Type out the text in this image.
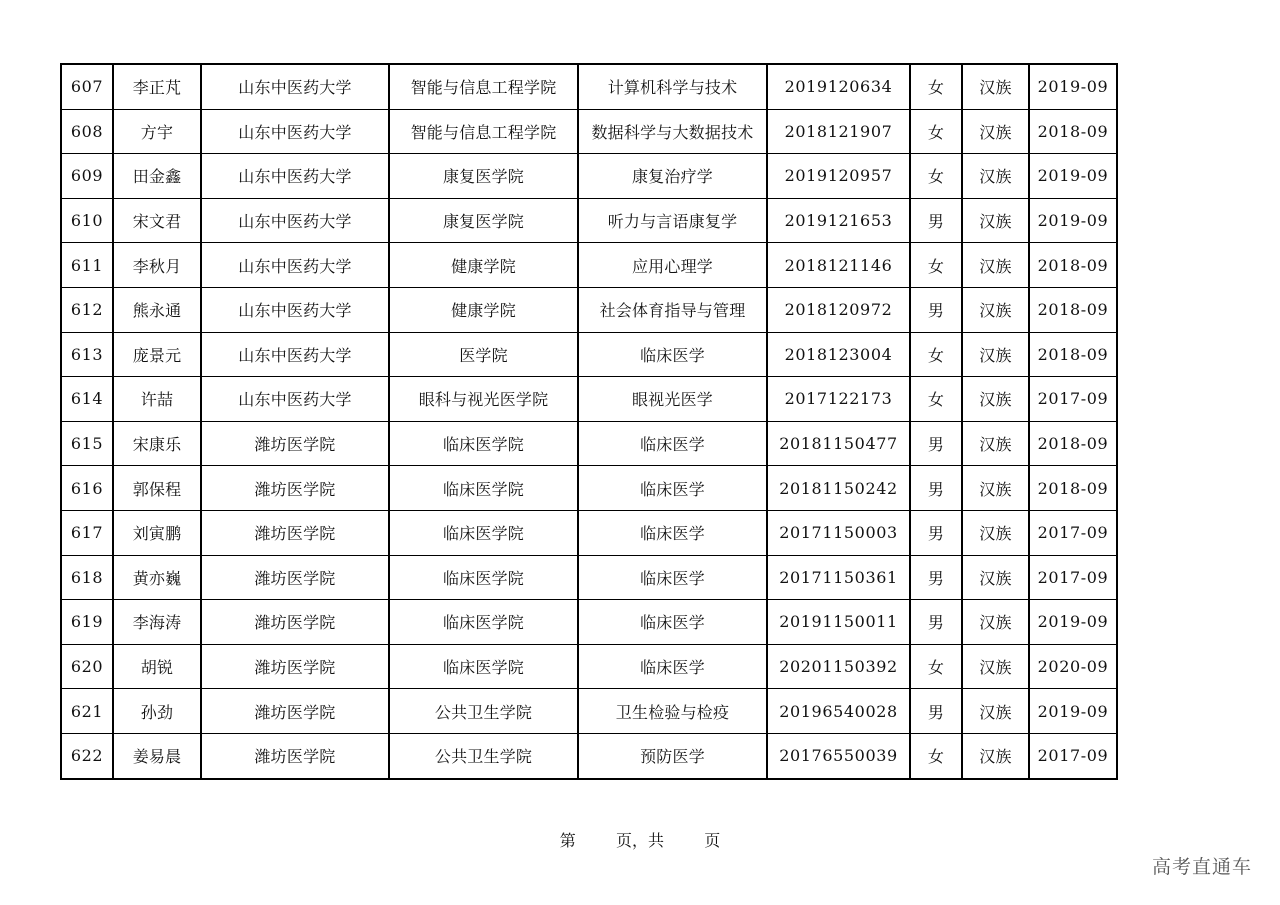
607	李正芃	山东中医药大学	智能与信息工程学院	计算机科学与技术	2019120634	女	汉族	2019-09
608	方宇	山东中医药大学	智能与信息工程学院	数据科学与大数据技术	2018121907	女	汉族	2018-09
609	田金鑫	山东中医药大学	康复医学院	康复治疗学	2019120957	女	汉族	2019-09
610	宋文君	山东中医药大学	康复医学院	听力与言语康复学	2019121653	男	汉族	2019-09
611	李秋月	山东中医药大学	健康学院	应用心理学	2018121146	女	汉族	2018-09
612	熊永通	山东中医药大学	健康学院	社会体育指导与管理	2018120972	男	汉族	2018-09
613	庞景元	山东中医药大学	医学院	临床医学	2018123004	女	汉族	2018-09
614	许喆	山东中医药大学	眼科与视光医学院	眼视光医学	2017122173	女	汉族	2017-09
615	宋康乐	潍坊医学院	临床医学院	临床医学	20181150477	男	汉族	2018-09
616	郭保程	潍坊医学院	临床医学院	临床医学	20181150242	男	汉族	2018-09
617	刘寅鹏	潍坊医学院	临床医学院	临床医学	20171150003	男	汉族	2017-09
618	黄亦巍	潍坊医学院	临床医学院	临床医学	20171150361	男	汉族	2017-09
619	李海涛	潍坊医学院	临床医学院	临床医学	20191150011	男	汉族	2019-09
620	胡锐	潍坊医学院	临床医学院	临床医学	20201150392	女	汉族	2020-09
621	孙劲	潍坊医学院	公共卫生学院	卫生检验与检疫	20196540028	男	汉族	2019-09
622	姜易晨	潍坊医学院	公共卫生学院	预防医学	20176550039	女	汉族	2017-09
第	页，共	页
高考直通车
